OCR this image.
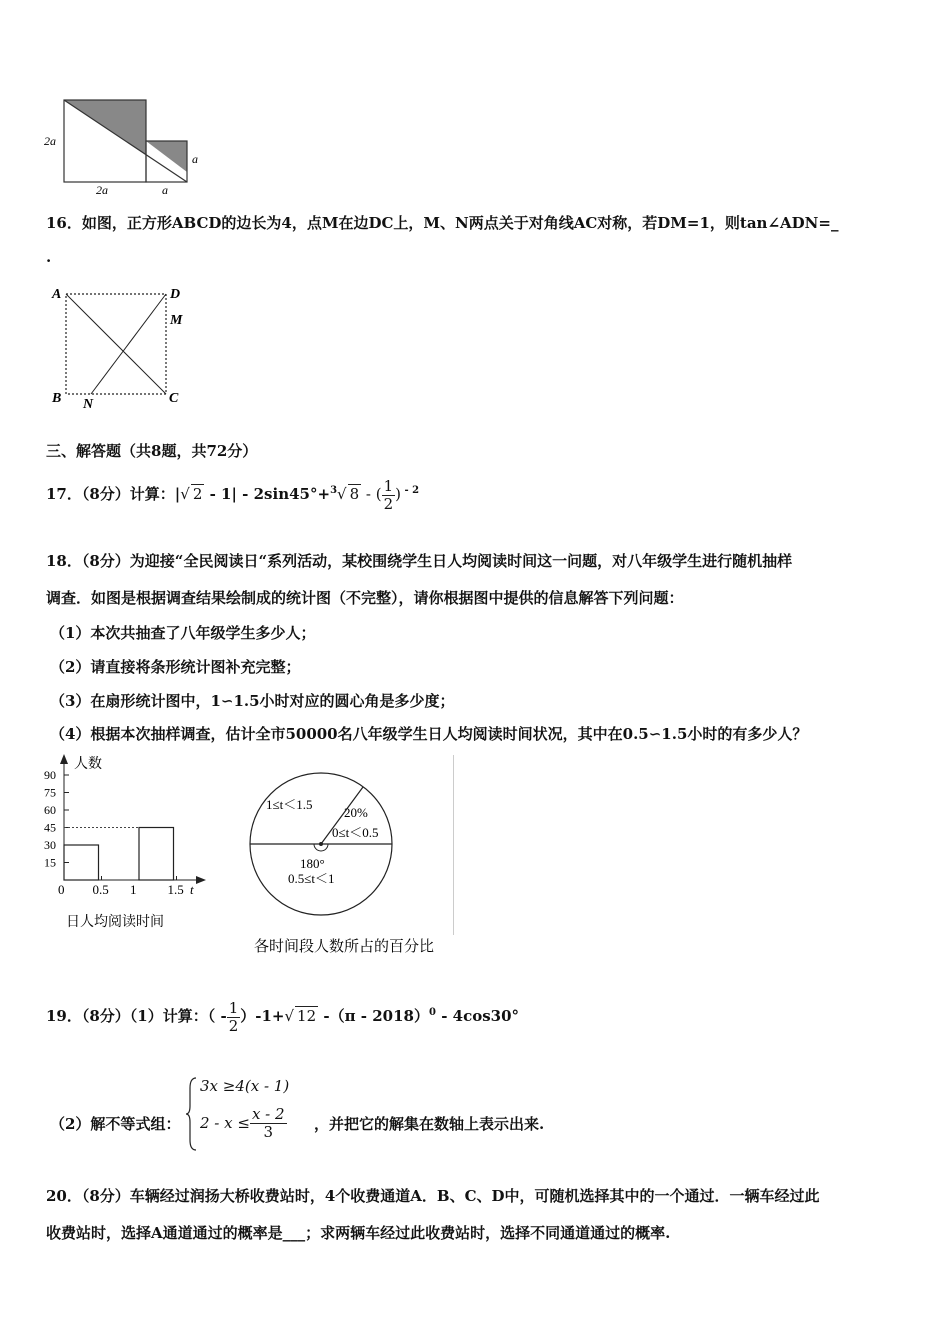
2a
2a	a
a
16．如图，正方形ABCD的边长为4，点M在边DC上，M、N两点关于对角线AC对称，若DM=1，则tan∠ADN=_
.
A	D
M
B N	C
三、解答题（共8题，共72分）
17．（8分）计算：|√ 2 - 1| - 2sin45°+$^3$√ 8 - ( $\frac{1}{2}$ ) $^{- 2}$
18．（8分）为迎接“全民阅读日“系列活动，某校围绕学生日人均阅读时间这一问题，对八年级学生进行随机抽样
调查．如图是根据调查结果绘制成的统计图（不完整），请你根据图中提供的信息解答下列问题：
（1）本次共抽查了八年级学生多少人；
（2）请直接将条形统计图补充完整；
（3）在扇形统计图中，1∽1.5小时对应的圆心角是多少度；
（4）根据本次抽样调查，估计全市50000名八年级学生日人均阅读时间状况，其中在0.5∽1.5小时的有多少人？
人数
t
0
日人均阅读时间
15
30
45
60
75
90
0.5 1 1.5
1≤t＜1.5
20%
0≤t＜0.5
180°
0.5≤t＜1
各时间段人数所占的百分比
19．（8分）（1）计算：（ - $\frac{1}{2} )-1+√$ 12 -（π - 2018）$^0$ - 4cos30°
（2）解不等式组：
3x ≥4(x - 1)
$2 - x \le \frac{x - 2}{3}$ ，并把它的解集在数轴上表示出来.
20．（8分）车辆经过润扬大桥收费站时，4个收费通道A．B、C、D中，可随机选择其中的一个通过．一辆车经过此
收费站时，选择A通道通过的概率是___；求两辆车经过此收费站时，选择不同通道通过的概率.
